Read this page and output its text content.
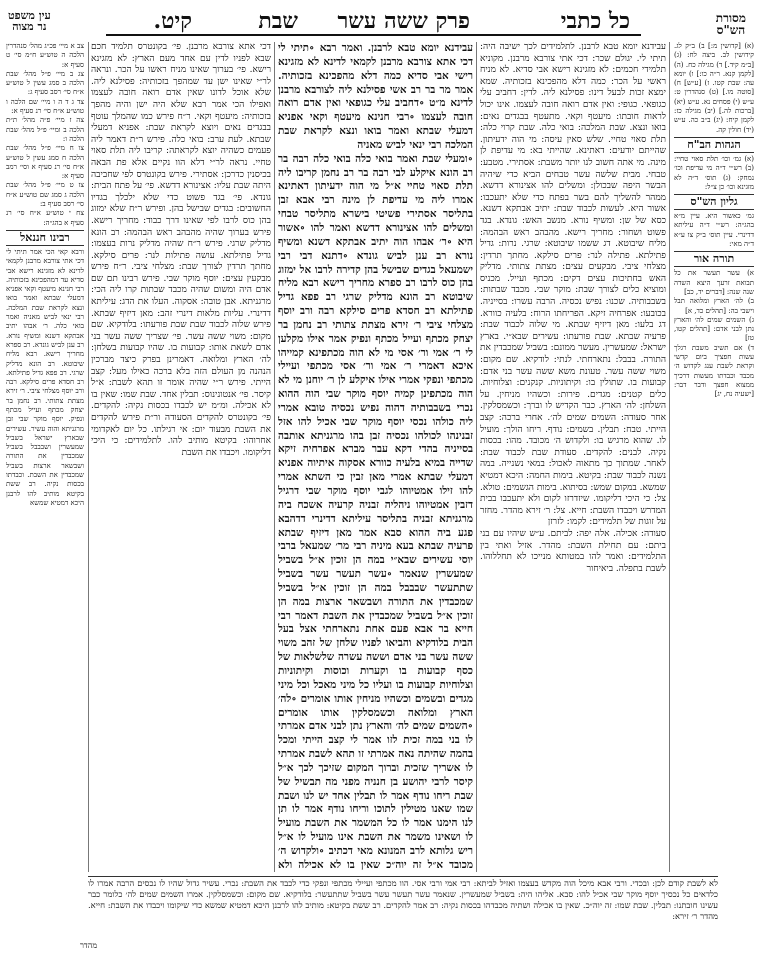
מסורת
הש"ס
כל כתבי
פרק ששה עשר
שבת
קיט.
עין משפט
נר מצוה

(א) [קדושין מ:] ב) ב״ק לג. קידושין לב. ביצה לח: (ג) [ב״מ קיד.] ד) מגילה כח. (ה) [לקמן קנא. ר״ה כו:] ו) יומא עה: שבת קטו. ז) [ע״ש] ח) [סוטה מו.] (ט) סנהדרין ט: ע״ש (י) פסחים נא. ע״ש (יא) [ברכות לה.] (יב) מגילה כז: לקמן קיח: (יג) ב״ב כה. ע״ש (יד) חולין קה.

הגהות הב"ח

(א) גמ׳ וכו׳ תלת סאוי טחיי: (ב) רש״י ד״ה מי עדיפת וכו׳ נמחק: (ג) תוס׳ ד״ה לא מזגינא וכו׳ כן צ״ל:

גליון הש"ס

גמ׳ כאשור היא. עיין מ״א בהג״ה: רש״י ד״ה עיליתא דדינרי. עיין תוס׳ ב״ק צו ע״א ד״ה מאי:

תורה אור

א) עשר תעשר את כל תבואת זרעך היצא השדה שנה שנה: [דברים יד, כב]

ב) לה׳ הארץ ומלואה תבל וישבי בה: [תהלים כד, א]

ג) השמים שמים לה׳ והארץ נתן לבני אדם: [תהלים קטו, טז]

ד) אם תשיב משבת רגלך עשות חפציך ביום קדשי וקראת לשבת ענג לקדוש ה׳ מכבד וכבדתו מעשות דרכיך ממצוא חפצך ודבר דבר: [ישעיה נח, יג]

עבידנא יומא טבא לרבנן. לתלמידים לכך ישיבה היה: תיתי לי. יגולם שכר: דכי אתי צורבא מרבנן. מקוניא תלמידי חכמים: לא מזגינא רישא אבי סדיא. לא מניח ראשי על הכר: כמה דלא מהפכינא בזכותיה. שמא ימצא זכות לבעל דינו: פסילנא ליה. לדין: דחביב עלי כגופאי. כגופי: ואין אדם רואה חובה לעצמו. אינו יכול לראות חובתו: מיעטף וקאי. מתעטף בבגדים נאים: בואו ונצא. שבת המלכה: בואי כלה. שבת קרוי כלה: תלת סאוי טחיי. שלש סאין עיסה: מי הוה ידעיתון. שהייתם יודעים: דאתינא. שהייתי בא: מי עדיפת לן מינה. מי אתה חשוב לנו יותר משבת: אסתירי. מטבע: טבחי. מבית שלשה עשר טבחים הביא כדי שיהיה הבשר היפה שבכולן: ומשלים להו אצינורא דדשא. ממהר להשליך להם בשר בפתח כדי שלא יתעכבו: אשור היא. לעשות לכבוד שבת: יתיב אבתקא דשנא. כסא של שן: ומשיף נורא. מנשב האש: גונדא. בגד פשוט ושחור: מחריך רישא. מהבהב ראש הבהמה: מליח שיבוטא. דג ששמו שיבוטא: שרגי. נרות: גדיל פתילתא. פתילה לנר: פרים סילקא. מחתך תרדין: מצלחי ציבי. מבקעים עצים: מצתת צתותי. מדליק האש בחתיכות עצים דקים: מכתף ועייל. מכניס ומוציא כלים לצורך שבת: מוקר שבי. מכבד שבתות: בשבבותיה. שכנו: נפיש נכסיה. הרבה עשרו: בסייניה. בכובעו: אפרחיה זיקא. הפריחתו הרוח: בלעיה כוורא. דג בלעו: מאן דיזיף שבתא. מי שלוה לכבוד שבת: פרעיה שבתא. שבת פורעתו: עשירים שבא״י. בארץ ישראל: שמעשרין. מעשר ממונם: בשביל שמכבדין את התורה. בבבל: נתארחתי. לנתי: לודקיא. שם מקום: משוי ששה עשר. טעונת משא ששה עשר בני אדם: קבועות בו. שתולין בו: וקיתוניות. קנקנים: וצלוחיות. כלים קטנים: מגדים. פירות: וכשהיו מניחין. על השלחן: לה׳ הארץ. כבר הקדיש לו וברך: וכשמסלקין. אחר סעודה: השמים שמים לה׳. אחרי ברכה: קצב הייתי. טבח: תבלין. בשמים: נודף. ריחו הולך: מועיל לו. שהוא מרגיש בו: ולקדוש ה׳ מכובד. מהו: בכסות נקיה. לבנים: להקדים. סעודת שבת לכבוד שבת: לאחר. שמתוך כך מתאוה לאכול: במאי נשנייה. במה נשנה לכבוד שבת: בקיטא. בימות החמה: היכא דמטיא שמשא. במקום שמש: בסיתוא. בימות הגשמים: טולא. צל: כי היכי דליקומו. שיזדרזו לקום ולא יתעכבו בבית המדרש ויכבדו השבת: חייא. צל: ר׳ זירא מהדר. מחזר על זוגות של תלמידים: לקמו: לזרזן

סעודה: אכילה. אלה יפה: לביתם. ע״ש שיהיו עם בני ביתם: עם תחילת השבת: מהדר. אזיל ואתי בין התלמידים: ואמר להו במטותא מנייכו לא תחללוהו. לשבת בתפלה. ביאיחור

עבידנא יומא טבא לרבנן. ואמר רבא ∘תיתי לי דכי אתא צורבא מרבנן לקמאי לדינא לא מזגינא רישי אבי סדיא כמה דלא מהפכינא בזכותיה. אמר מר בר רב אשי פסילנא ליה לצורבא מרבנן לדינא מ״ט ∘דחביב עלי כגופאי ואין אדם רואה חובה לעצמו ∘רבי חנינא מיעטף וקאי אפניא דמעלי שבתא ואמר בואו ונצא לקראת שבת המלכה רבי ינאי לביש מאניה

∘ומעלי שבת ואמר בואי כלה בואי כלה רבה בר רב הונא איקלע לבי רבה בר רב נחמן קריבו ליה תלת סאוי טחיי א״ל מי הוה ידעיתון דאתינא אמרו ליה מי עדיפת לן מינה רבי אבא זבן בתליסר אסתירי פשיטי בישרא מתליסר טבחי ומשלים להו אצינורא דדשא ואמר להו ∘אשור היא ∘ר׳ אבהו הוה יתיב אבתקא דשנא ומשיף נורא רב ענן לביש גונדא ∘דתנא דבי רבי ישמעאל בגדים שבישל בהן קדירה לרבו אל ימזוג בהן כוס לרבו רב ספרא מחריך רישא רבא מליח שיבוטא רב הונא מדליק שרגי רב פפא גדיל פתילתא רב חסדא פרים סילקא רבה ורב יוסף מצלחי ציבי ר׳ זירא מצתת צתותי רב נחמן בר יצחק מכתף ועייל מכתף ונפיק אמר אילו מקלען לי ר׳ אמי ור׳ אסי מי לא הוה מכתפינא קמייהו איכא דאמרי ר׳ אמי ור׳ אסי מכתפי ועיילי מכתפי ונפקי אמרי אילו איקלע לן ר׳ יוחנן מי לא הוה מכתפינן קמיה יוסף מוקר שבי הוה ההוא נכרי בשבבותיה דהוה נפיש נכסיה טובא אמרי ליה כולהו נכסי יוסף מוקר שבי אכיל להו אזל זבנינהו לכולהו נכסיה זבן בהו מרגניתא אותבה בסייניה בהדי דקא עבר מברא אפרחיה זיקא שדייה במיא בלעיה כוורא אסקוה איתיוה אפניא דמעלי שבתא אמרי מאן זבין כי השתא אמרי להו זילו אמטיוהו לגבי יוסף מוקר שבי דרגיל דזבין אמטיוהו ניהליה זבניה קרעיה אשכח ביה מרגניתא זבניה בתליסר עיליתא דדינרי דדהבא פגע ביה ההוא סבא אמר מאן דיזיף שבתא פרעיה שבתא בעא מיניה רבי מר׳ שמעאל ברבי יוסי עשירים שבא״י במה הן זוכין א״ל בשביל שמעשרין שנאמר ∘עשר תעשר עשר בשביל שתתעשר שבבבל במה הן זוכין א״ל בשביל שמכבדין את התורה ושבשאר ארצות במה הן זוכין א״ל בשביל שמכבדין את השבת דאמר רבי חייא בר אבא פעם אחת נתארחתי אצל בעל הבית בלודקיא והביאו לפניו שלחן של זהב משוי ששה עשר בני אדם וששה עשרה שלשלאות של כסף קבועות בו וקערות וכוסות וקיתוניות וצלוחיות קבועות בו ועליו כל מיני מאכל וכל מיני מגדים ובשמים וכשהיו מניחין אותו אומרים ∘לה׳ הארץ ומלואה וכשמסלקין אותו אומרים ∘השמים שמים לה׳ והארץ נתן לבני אדם אמרתי לו בני במה זכית לזו אמר לי קצב הייתי ומכל בהמה שהיתה נאה אמרתי זו תהא לשבת אמרתי לו אשריך שזכית וברוך המקום שזיכך לכך א״ל קיסר לרבי יהושע בן חנניה מפני מה תבשיל של שבת ריחו נודף אמר לו תבלין אחד יש לנו ושבת שמו שאנו מטילין לתוכו וריחו נודף אמר לו תן לנו הימנו אמר לו כל המשמר את השבת מועיל לו ושאינו משמר את השבת אינו מועיל לו א״ל ריש גלותא לרב המנונא מאי דכתיב ∘ולקדוש ה׳ מכובד א״ל זה יוה״כ שאין בו לא אכילה ולא

דכי אתא צורבא מרבנן. פי׳ בקונטרס תלמיד חכם שבא לפניו לדין עם אחד מעם הארץ: לא מזגינא רישא. פי׳ בערוך שאינו מניח ראשו על הכר. ונראה לר״י שאינו ישן עד שמהפך בזכותיה: פסילנא ליה. שלא אוכל לדונו שאין אדם רואה חובה לעצמו ואפילו הכי אמר רבא שלא היה ישן והיה מהפך בזכותיה: מיעטף וקאי. ר״ח פירש כמו שהמלך עוטף בבגדים נאים ויוצא לקראת שבת: אפניא דמעלי שבתא. לעת ערב: בואי כלה. פירש ר״ת דאמר ליה פעמים כשהיה יוצא לקראתה: קריבו ליה תלת סאוי טחיי. נראה לר״י דלא הוו נקיים אלא פת הבאה בכיסנין כדרכן: אסתירי. פירש בקונטרס לפי שחביבה היתה שבת עליו: אצינורא דדשא. פי׳ על פתח הבית: גונדא. פי׳ בגד פשוט כדי שלא ילכלך בגדיו החשובים: בגדים שבישל בהן. ופירש ר״ח שלא ימזוג בהן כוס לרבו לפי שאינו דרך כבוד: מחריך רישא. פירש בערוך שהיה מהבהב ראש הבהמה: רב הונא מדליק שרגי. פירש ר״ח שהיה מדליק נרות בעצמו: גדיל פתילתא. עושה פתילות לנר: פרים סילקא. מחתך תרדין לצורך שבת: מצלחי ציבי. ר״ח פירש מבקעין עצים: יוסף מוקר שבי. פירש רבינו תם שם אדם היה ומשום שהיה מכבד שבתות קרו ליה הכי: מרגניתא. אבן טובה: אסקוה. העלו את הדג: עיליתא דדינרי. עליות מלאות דינרי זהב: מאן דיזיף שבתא. פירש שלוה לכבוד שבת שבת פורעתו: בלודקיא. שם מקום: משוי ששה עשר. פי׳ שצריך ששה עשר בני אדם לשאת אותו: קבועות בו. שהיו קבועות בשלחן: לה׳ הארץ ומלואה. דאמרינן בפרק כיצד מברכין הנהנה מן העולם הזה בלא ברכה כאילו מעל: קצב הייתי. פירש ר״י שהיה אומר זו תהא לשבת: א״ל קיסר. פי׳ אנטונינוס: תבלין אחד. שבת שמו: שאין בו לא אכילה. ומ״מ יש לכבדו בכסות נקיה: להקדים. פי׳ בקונטרס להקדים הסעודה ור״ת פירש להקדים את השבת מבעוד יום: אי רגילתו. כל יום לאקדומי אחרוהו: בקיטא מותיב להו. לתלמידים: כי היכי דליקומו. ויכבדו את השבת

צב א מיי׳ פכ״ג מהל׳ סנהדרין הלכה ה טוש״ע ח״מ סי׳ ט סעיף א:

צג ב מיי׳ פ״ל מהל׳ שבת הלכה ב סמג עשין ל טוש״ע א״ח סי׳ רסב סעיף ג:

צד ג ד ה ו מיי׳ שם הלכה ו טוש״ע א״ח סי׳ רנ סעיף א:

צה ז מיי׳ פ״ה מהל׳ ת״ת הלכה ב ומיי׳ פ״ל מהל׳ שבת הלכה ו:

צו ח מיי׳ פ״ל מהל׳ שבת הלכה ח סמג עשין ל טוש״ע א״ח סי׳ רנ סעיף א וסי׳ רמב סעיף א:

צז ט מיי׳ פ״ל מהל׳ שבת הלכה ג סמג שם טוש״ע א״ח סי׳ רסב סעיף ב:

צח י טוש״ע א״ח סי׳ רנ סעיף א בהג״ה:

רבינו חננאל

ורבא קאי הכי אמר תיתי לי דכי אתי צורבא מרבנן לקמאי לדינא לא מזגינא רישא אבי סדיא עד דמהפכינא בזכותיה. רבי חנינא מיעטף וקאי אפניא דמעלי שבתא ואמר בואו ונצא לקראת שבת המלכה. רבי ינאי לביש מאניה ואמר בואי כלה. ר׳ אבהו יתיב אבתקא דשנא ומשיף נורא. רב ענן לביש גונדא. רב ספרא מחריך רישא. רבא מליח שיבוטא. רב הונא מדליק שרגי. רב פפא גדיל פתילתא. רב חסדא פרים סילקא. רבה ורב יוסף מצלחי ציבי. ר׳ זירא מצתת צתותי. רב נחמן בר יצחק מכתף ועייל מכתף ונפיק. יוסף מוקר שבי זבן מרגניתא והוה עשיר. עשירים שבארץ ישראל בשביל שמעשרין ושבבבל בשביל שמכבדין את התורה ושבשאר ארצות בשביל שמכבדין את השבת. וכבדתו בכסות נקיה. רב ששת בקיטא מותיב להו לרבנן היכא דמטיא שמשא

לא לשבת קודם לכן: ובכדי. ורבי אבא מיכל הוה מקדש בעצמו ואזיל לביתא: רבי אמי ורבי אסי. הוו מכתפי ועיילי מכתפי ונפקי כדי לכבד את השבת: נכרי. עשיר גדול שהיו לו נכסים הרבה אמרו לו כלדאים כל נכסיך יוסף מוקר שבי אכיל להו: סבא. אליהו היה: בשביל שמעשרין. שנאמר עשר תעשר עשר בשביל שתתעשר: בלודקיא. שם מקום: וכשמסלקין. אמרו השמים שמים לה׳ כלומר כבר עשינו חובתנו: תבלין. שבת שמו: זה יוה״כ. שאין בו אכילה ושתיה מכבדהו בכסות נקיה: רב אמר להקדים. רב ששת בקיטא: מותיב להו לרבנן היכא דמטיא שמשא כדי שיקומו ויכבדו את השבת: חייא. מהדר ר׳ זירא:
מהדר
